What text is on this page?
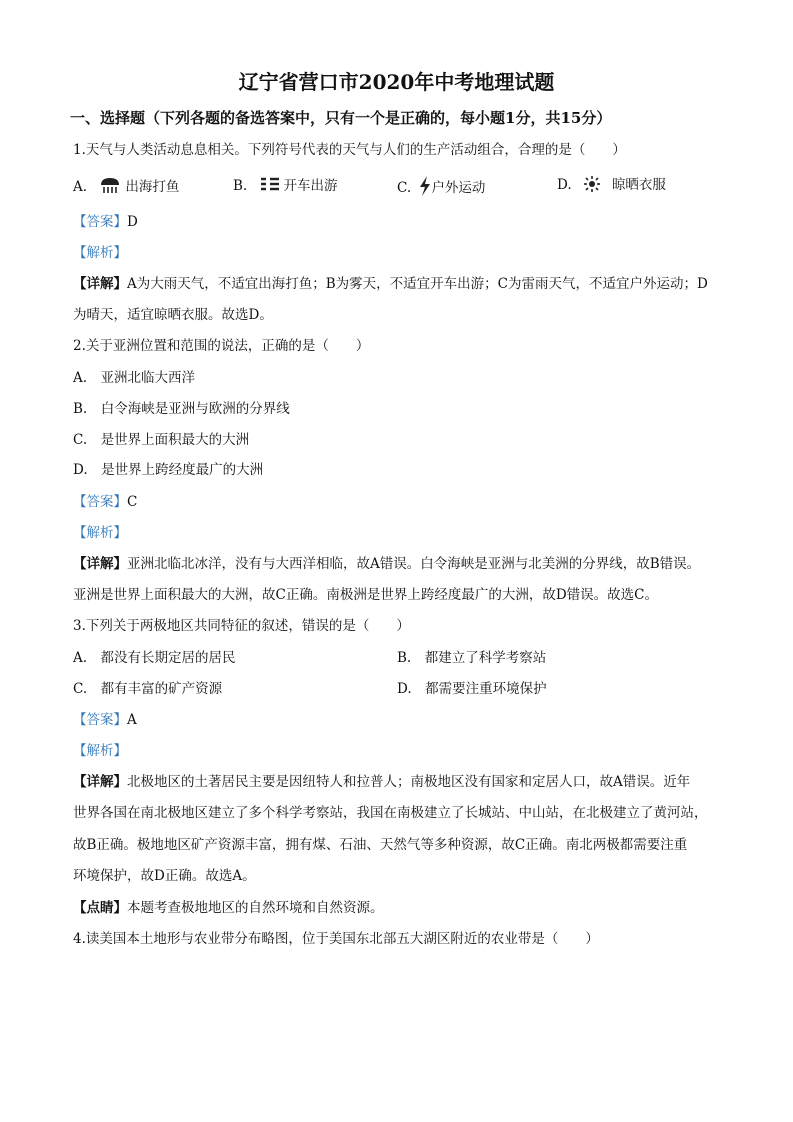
辽宁省营口市2020年中考地理试题
一、选择题（下列各题的备选答案中，只有一个是正确的，每小题1分，共15分）
1.天气与人类活动息息相关。下列符号代表的天气与人们的生产活动组合，合理的是（　　）
A.	出海打鱼	B.	开车出游	C. 户外运动	D.	晾晒衣服
【答案】D
【解析】
【详解】A为大雨天气，不适宜出海打鱼；B为雾天，不适宜开车出游；C为雷雨天气，不适宜户外运动；D
为晴天，适宜晾晒衣服。故选D。
2.关于亚洲位置和范围的说法，正确的是（　　）
A.　亚洲北临大西洋
B.　白令海峡是亚洲与欧洲的分界线
C.　是世界上面积最大的大洲
D.　是世界上跨经度最广的大洲
【答案】C
【解析】
【详解】亚洲北临北冰洋，没有与大西洋相临，故A错误。白令海峡是亚洲与北美洲的分界线，故B错误。
亚洲是世界上面积最大的大洲，故C正确。南极洲是世界上跨经度最广的大洲，故D错误。故选C。
3.下列关于两极地区共同特征的叙述，错误的是（　　）
A.　都没有长期定居的居民	B.　都建立了科学考察站
C.　都有丰富的矿产资源	D.　都需要注重环境保护
【答案】A
【解析】
【详解】北极地区的土著居民主要是因纽特人和拉普人；南极地区没有国家和定居人口，故A错误。近年
世界各国在南北极地区建立了多个科学考察站，我国在南极建立了长城站、中山站，在北极建立了黄河站，
故B正确。极地地区矿产资源丰富，拥有煤、石油、天然气等多种资源，故C正确。南北两极都需要注重
环境保护，故D正确。故选A。
【点睛】本题考查极地地区的自然环境和自然资源。
4.读美国本土地形与农业带分布略图，位于美国东北部五大湖区附近的农业带是（　　）
